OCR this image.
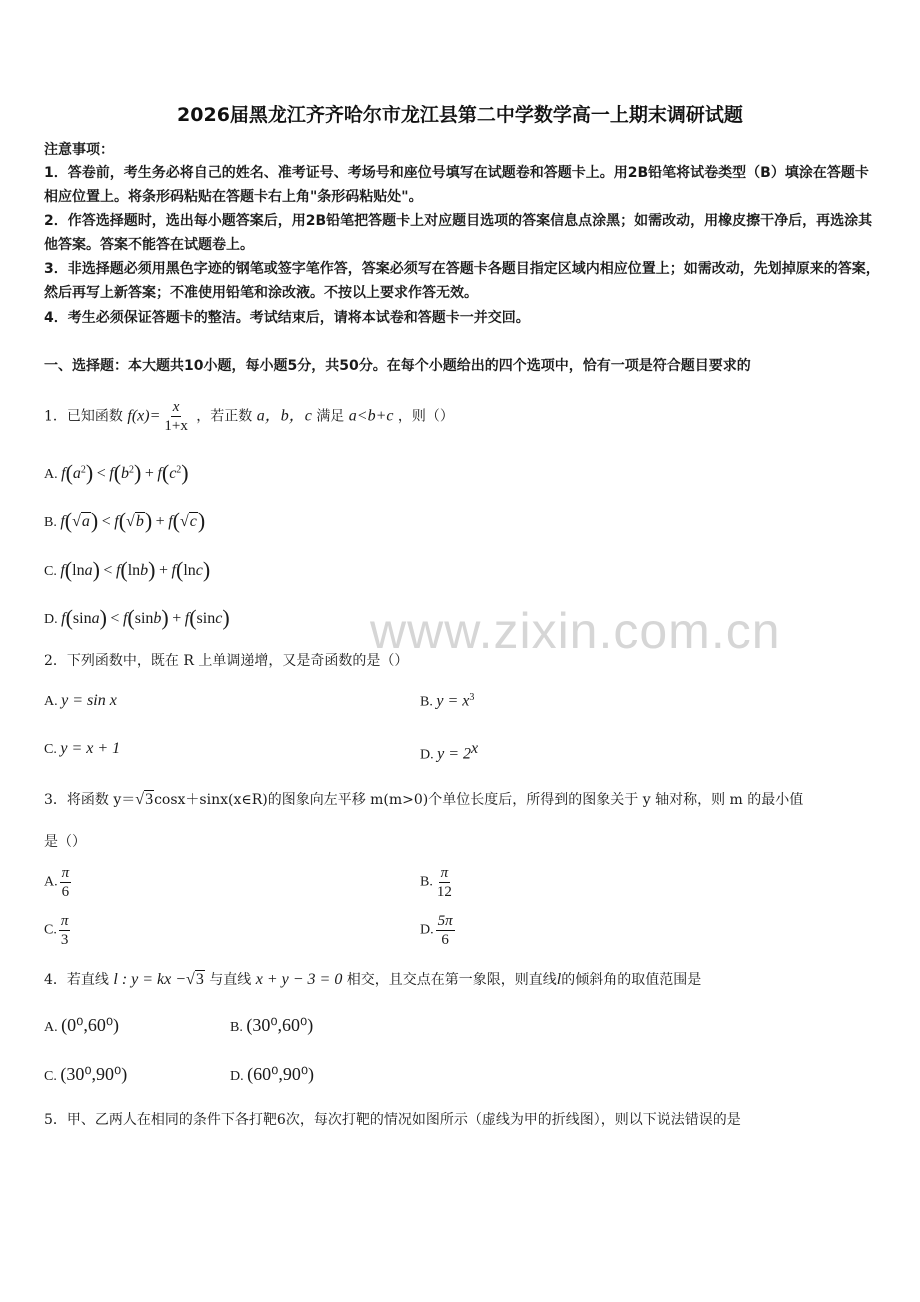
2026届黑龙江齐齐哈尔市龙江县第二中学数学高一上期末调研试题
注意事项：
1．答卷前，考生务必将自己的姓名、准考证号、考场号和座位号填写在试题卷和答题卡上。用2B铅笔将试卷类型（B）填涂在答题卡相应位置上。将条形码粘贴在答题卡右上角"条形码粘贴处"。
2．作答选择题时，选出每小题答案后，用2B铅笔把答题卡上对应题目选项的答案信息点涂黑；如需改动，用橡皮擦干净后，再选涂其他答案。答案不能答在试题卷上。
3．非选择题必须用黑色字迹的钢笔或签字笔作答，答案必须写在答题卡各题目指定区域内相应位置上；如需改动，先划掉原来的答案，然后再写上新答案；不准使用铅笔和涂改液。不按以上要求作答无效。
4．考生必须保证答题卡的整洁。考试结束后，请将本试卷和答题卡一并交回。
一、选择题：本大题共10小题，每小题5分，共50分。在每个小题给出的四个选项中，恰有一项是符合题目要求的
1．已知函数 $f(x)= \frac{x}{1+x}$ ，若正数 a，b，c 满足 a<b+c ，则（）
A. $f(a^2) < f(b^2) + f(c^2)$
B. f(√a) < f(√b) + f(√c)
C. f(lna) < f(lnb) + f(lnc)
D. f(sina) < f(sinb) + f(sinc)	www.zixin.com.cn
2．下列函数中，既在 R 上单调递增，又是奇函数的是（）
A. y = sin x	B. $y = x^3$
C. y = x + 1	D. $y = 2^x$
3．将函数 y＝√3cosx＋sinx(x∈R)的图象向左平移 m(m>0)个单位长度后，所得到的图象关于 y 轴对称，则 m 的最小值
是（）
A. $\frac{\pi}{6}$	B. $\frac{\pi}{12}$
C. $\frac{\pi}{3}$	D. $\frac{5\pi}{6}$
4．若直线 l : y = kx −√3 与直线 x + y − 3 = 0 相交，且交点在第一象限，则直线l的倾斜角的取值范围是
A. (0⁰,60⁰)	B. (30⁰,60⁰)
C. (30⁰,90⁰)	D. (60⁰,90⁰)
5．甲、乙两人在相同的条件下各打靶6次，每次打靶的情况如图所示（虚线为甲的折线图），则以下说法错误的是
